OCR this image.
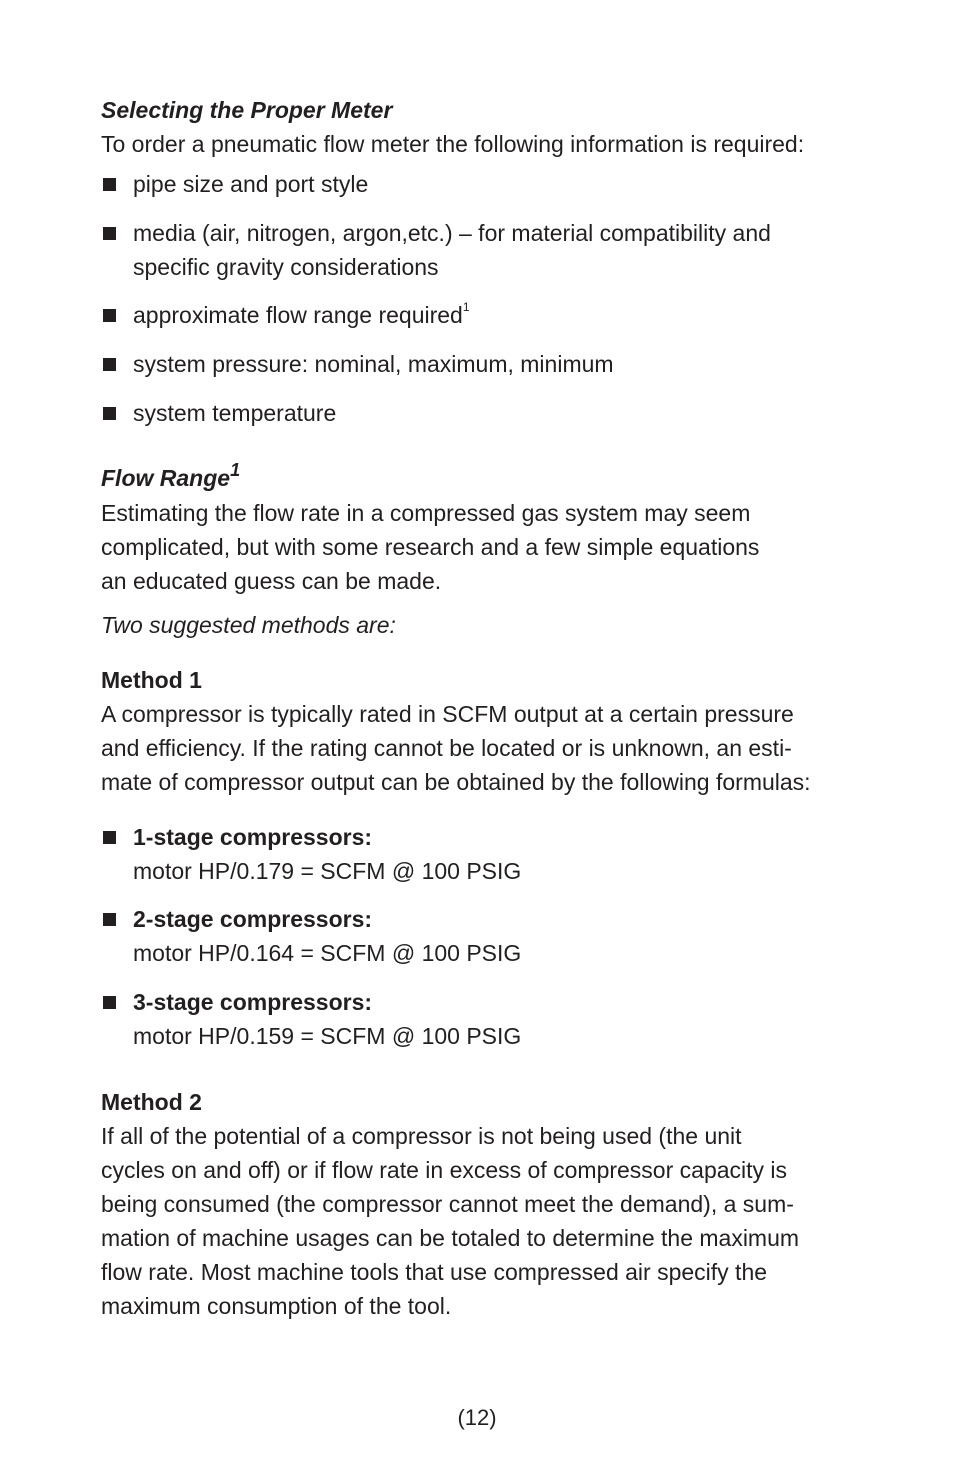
Selecting the Proper Meter
To order a pneumatic flow meter the following information is required:
pipe size and port style
media (air, nitrogen, argon,etc.) – for material compatibility and
specific gravity considerations
approximate flow range required$^1$
system pressure: nominal, maximum, minimum
system temperature
Flow Range$^1$
Estimating the flow rate in a compressed gas system may seem
complicated, but with some research and a few simple equations
an educated guess can be made.
Two suggested methods are:
Method 1
A compressor is typically rated in SCFM output at a certain pressure
and efficiency. If the rating cannot be located or is unknown, an esti-
mate of compressor output can be obtained by the following formulas:
1-stage compressors:
motor HP/0.179 = SCFM @ 100 PSIG
2-stage compressors:
motor HP/0.164 = SCFM @ 100 PSIG
3-stage compressors:
motor HP/0.159 = SCFM @ 100 PSIG
Method 2
If all of the potential of a compressor is not being used (the unit
cycles on and off) or if flow rate in excess of compressor capacity is
being consumed (the compressor cannot meet the demand), a sum-
mation of machine usages can be totaled to determine the maximum
flow rate. Most machine tools that use compressed air specify the
maximum consumption of the tool.
(12)
